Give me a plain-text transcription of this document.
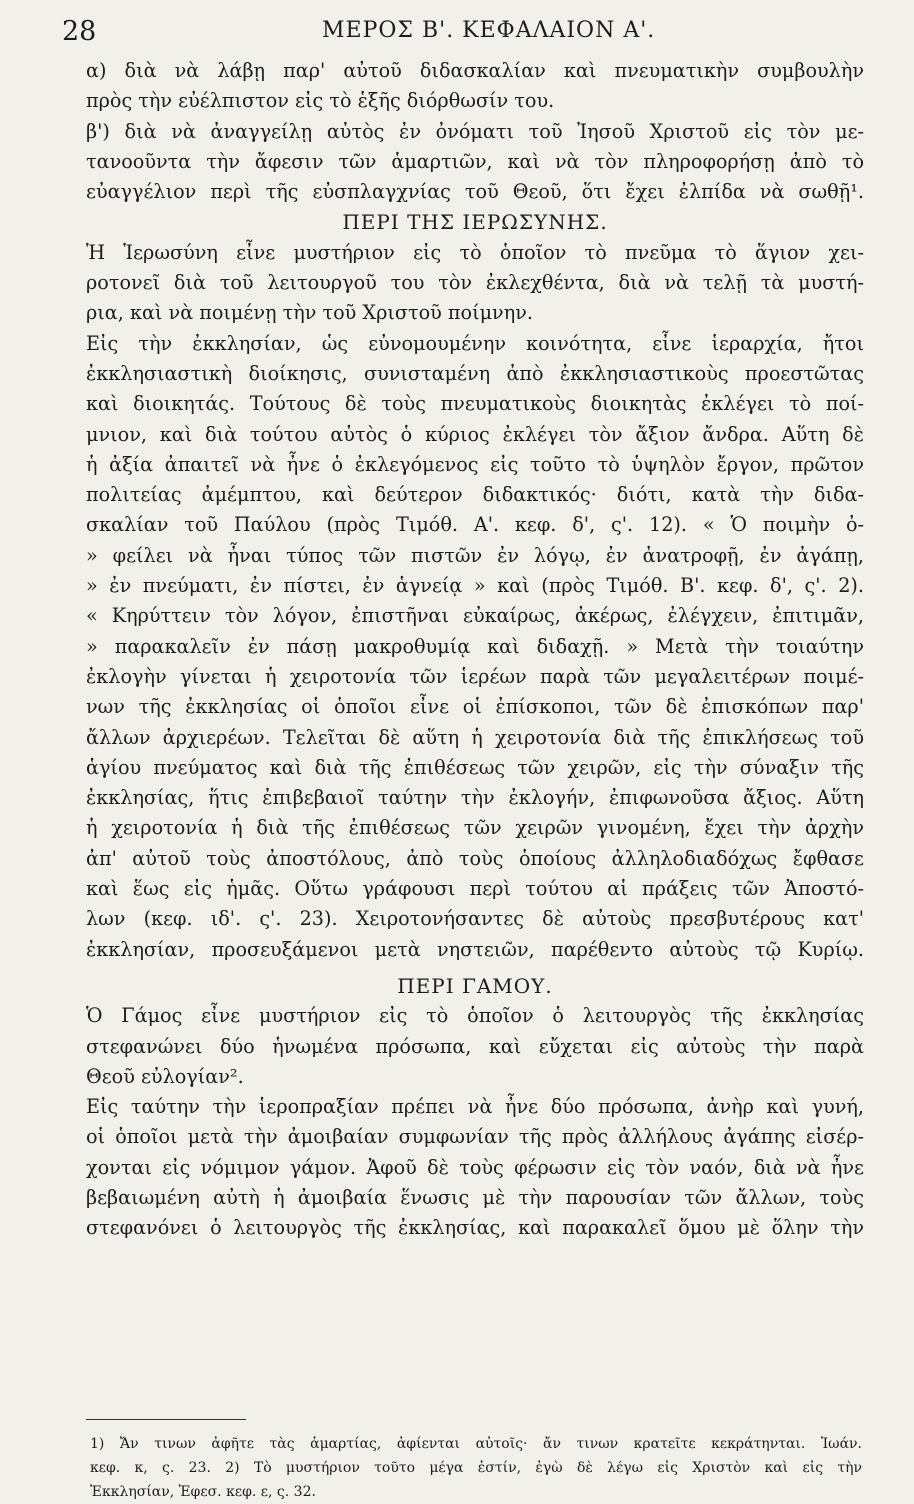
28	ΜΕΡΟΣ Β'. ΚΕΦΑΛΑΙΟΝ Α'.
α) διὰ νὰ λάβῃ παρ' αὐτοῦ διδασκαλίαν καὶ πνευματικὴν συμβουλὴν
πρὸς τὴν εὐέλπιστον εἰς τὸ ἑξῆς διόρθωσίν του.
β') διὰ νὰ ἀναγγείλῃ αὐτὸς ἐν ὀνόματι τοῦ Ἰησοῦ Χριστοῦ εἰς τὸν με-
τανοοῦντα τὴν ἄφεσιν τῶν ἁμαρτιῶν, καὶ νὰ τὸν πληροφορήσῃ ἀπὸ τὸ
εὐαγγέλιον περὶ τῆς εὐσπλαγχνίας τοῦ Θεοῦ, ὅτι ἔχει ἐλπίδα νὰ σωθῇ¹.
ΠΕΡΙ ΤΗΣ ΙΕΡΩΣΥΝΗΣ.
Ἡ Ἱερωσύνη εἶνε μυστήριον εἰς τὸ ὁποῖον τὸ πνεῦμα τὸ ἅγιον χει-
ροτονεῖ διὰ τοῦ λειτουργοῦ του τὸν ἐκλεχθέντα, διὰ νὰ τελῇ τὰ μυστή-
ρια, καὶ νὰ ποιμένῃ τὴν τοῦ Χριστοῦ ποίμνην.
Εἰς τὴν ἐκκλησίαν, ὡς εὐνομουμένην κοινότητα, εἶνε ἱεραρχία, ἤτοι
ἐκκλησιαστικὴ διοίκησις, συνισταμένη ἀπὸ ἐκκλησιαστικοὺς προεστῶτας
καὶ διοικητάς. Τούτους δὲ τοὺς πνευματικοὺς διοικητὰς ἐκλέγει τὸ ποί-
μνιον, καὶ διὰ τούτου αὐτὸς ὁ κύριος ἐκλέγει τὸν ἄξιον ἄνδρα. Αὕτη δὲ
ἡ ἀξία ἀπαιτεῖ νὰ ἦνε ὁ ἐκλεγόμενος εἰς τοῦτο τὸ ὑψηλὸν ἔργον, πρῶτον
πολιτείας ἀμέμπτου, καὶ δεύτερον διδακτικός· διότι, κατὰ τὴν διδα-
σκαλίαν τοῦ Παύλου (πρὸς Τιμόθ. Α'. κεφ. δ', ς'. 12). « Ὁ ποιμὴν ὀ-
» φείλει νὰ ἦναι τύπος τῶν πιστῶν ἐν λόγῳ, ἐν ἀνατροφῇ, ἐν ἀγάπῃ,
» ἐν πνεύματι, ἐν πίστει, ἐν ἁγνείᾳ » καὶ (πρὸς Τιμόθ. Β'. κεφ. δ', ς'. 2).
« Κηρύττειν τὸν λόγον, ἐπιστῆναι εὐκαίρως, ἀκέρως, ἐλέγχειν, ἐπιτιμᾶν,
» παρακαλεῖν ἐν πάσῃ μακροθυμίᾳ καὶ διδαχῇ. » Μετὰ τὴν τοιαύτην
ἐκλογὴν γίνεται ἡ χειροτονία τῶν ἱερέων παρὰ τῶν μεγαλειτέρων ποιμέ-
νων τῆς ἐκκλησίας οἱ ὁποῖοι εἶνε οἱ ἐπίσκοποι, τῶν δὲ ἐπισκόπων παρ'
ἄλλων ἀρχιερέων. Τελεῖται δὲ αὕτη ἡ χειροτονία διὰ τῆς ἐπικλήσεως τοῦ
ἁγίου πνεύματος καὶ διὰ τῆς ἐπιθέσεως τῶν χειρῶν, εἰς τὴν σύναξιν τῆς
ἐκκλησίας, ἥτις ἐπιβεβαιοῖ ταύτην τὴν ἐκλογήν, ἐπιφωνοῦσα ἄξιος. Αὕτη
ἡ χειροτονία ἡ διὰ τῆς ἐπιθέσεως τῶν χειρῶν γινομένη, ἔχει τὴν ἀρχὴν
ἀπ' αὐτοῦ τοὺς ἀποστόλους, ἀπὸ τοὺς ὁποίους ἀλληλοδιαδόχως ἔφθασε
καὶ ἕως εἰς ἡμᾶς. Οὕτω γράφουσι περὶ τούτου αἱ πράξεις τῶν Ἀποστό-
λων (κεφ. ιδ'. ς'. 23). Χειροτονήσαντες δὲ αὐτοὺς πρεσβυτέρους κατ'
ἐκκλησίαν, προσευξάμενοι μετὰ νηστειῶν, παρέθεντο αὐτοὺς τῷ Κυρίῳ.
ΠΕΡΙ ΓΑΜΟΥ.
Ὁ Γάμος εἶνε μυστήριον εἰς τὸ ὁποῖον ὁ λειτουργὸς τῆς ἐκκλησίας
στεφανώνει δύο ἡνωμένα πρόσωπα, καὶ εὔχεται εἰς αὐτοὺς τὴν παρὰ
Θεοῦ εὐλογίαν².
Εἰς ταύτην τὴν ἱεροπραξίαν πρέπει νὰ ἦνε δύο πρόσωπα, ἀνὴρ καὶ γυνή,
οἱ ὁποῖοι μετὰ τὴν ἀμοιβαίαν συμφωνίαν τῆς πρὸς ἀλλήλους ἀγάπης εἰσέρ-
χονται εἰς νόμιμον γάμον. Ἀφοῦ δὲ τοὺς φέρωσιν εἰς τὸν ναόν, διὰ νὰ ἦνε
βεβαιωμένη αὐτὴ ἡ ἀμοιβαία ἕνωσις μὲ τὴν παρουσίαν τῶν ἄλλων, τοὺς
στεφανόνει ὁ λειτουργὸς τῆς ἐκκλησίας, καὶ παρακαλεῖ ὅμου μὲ ὅλην τὴν
1) Ἄν τινων ἀφῆτε τὰς ἁμαρτίας, ἀφίενται αὐτοῖς· ἄν τινων κρατεῖτε κεκράτηνται. Ἰωάν.
κεφ. κ, ς. 23. 2) Τὸ μυστήριον τοῦτο μέγα ἐστίν, ἐγὼ δὲ λέγω εἰς Χριστὸν καὶ εἰς τὴν
Ἐκκλησίαν, Ἐφεσ. κεφ. ε, ς. 32.
